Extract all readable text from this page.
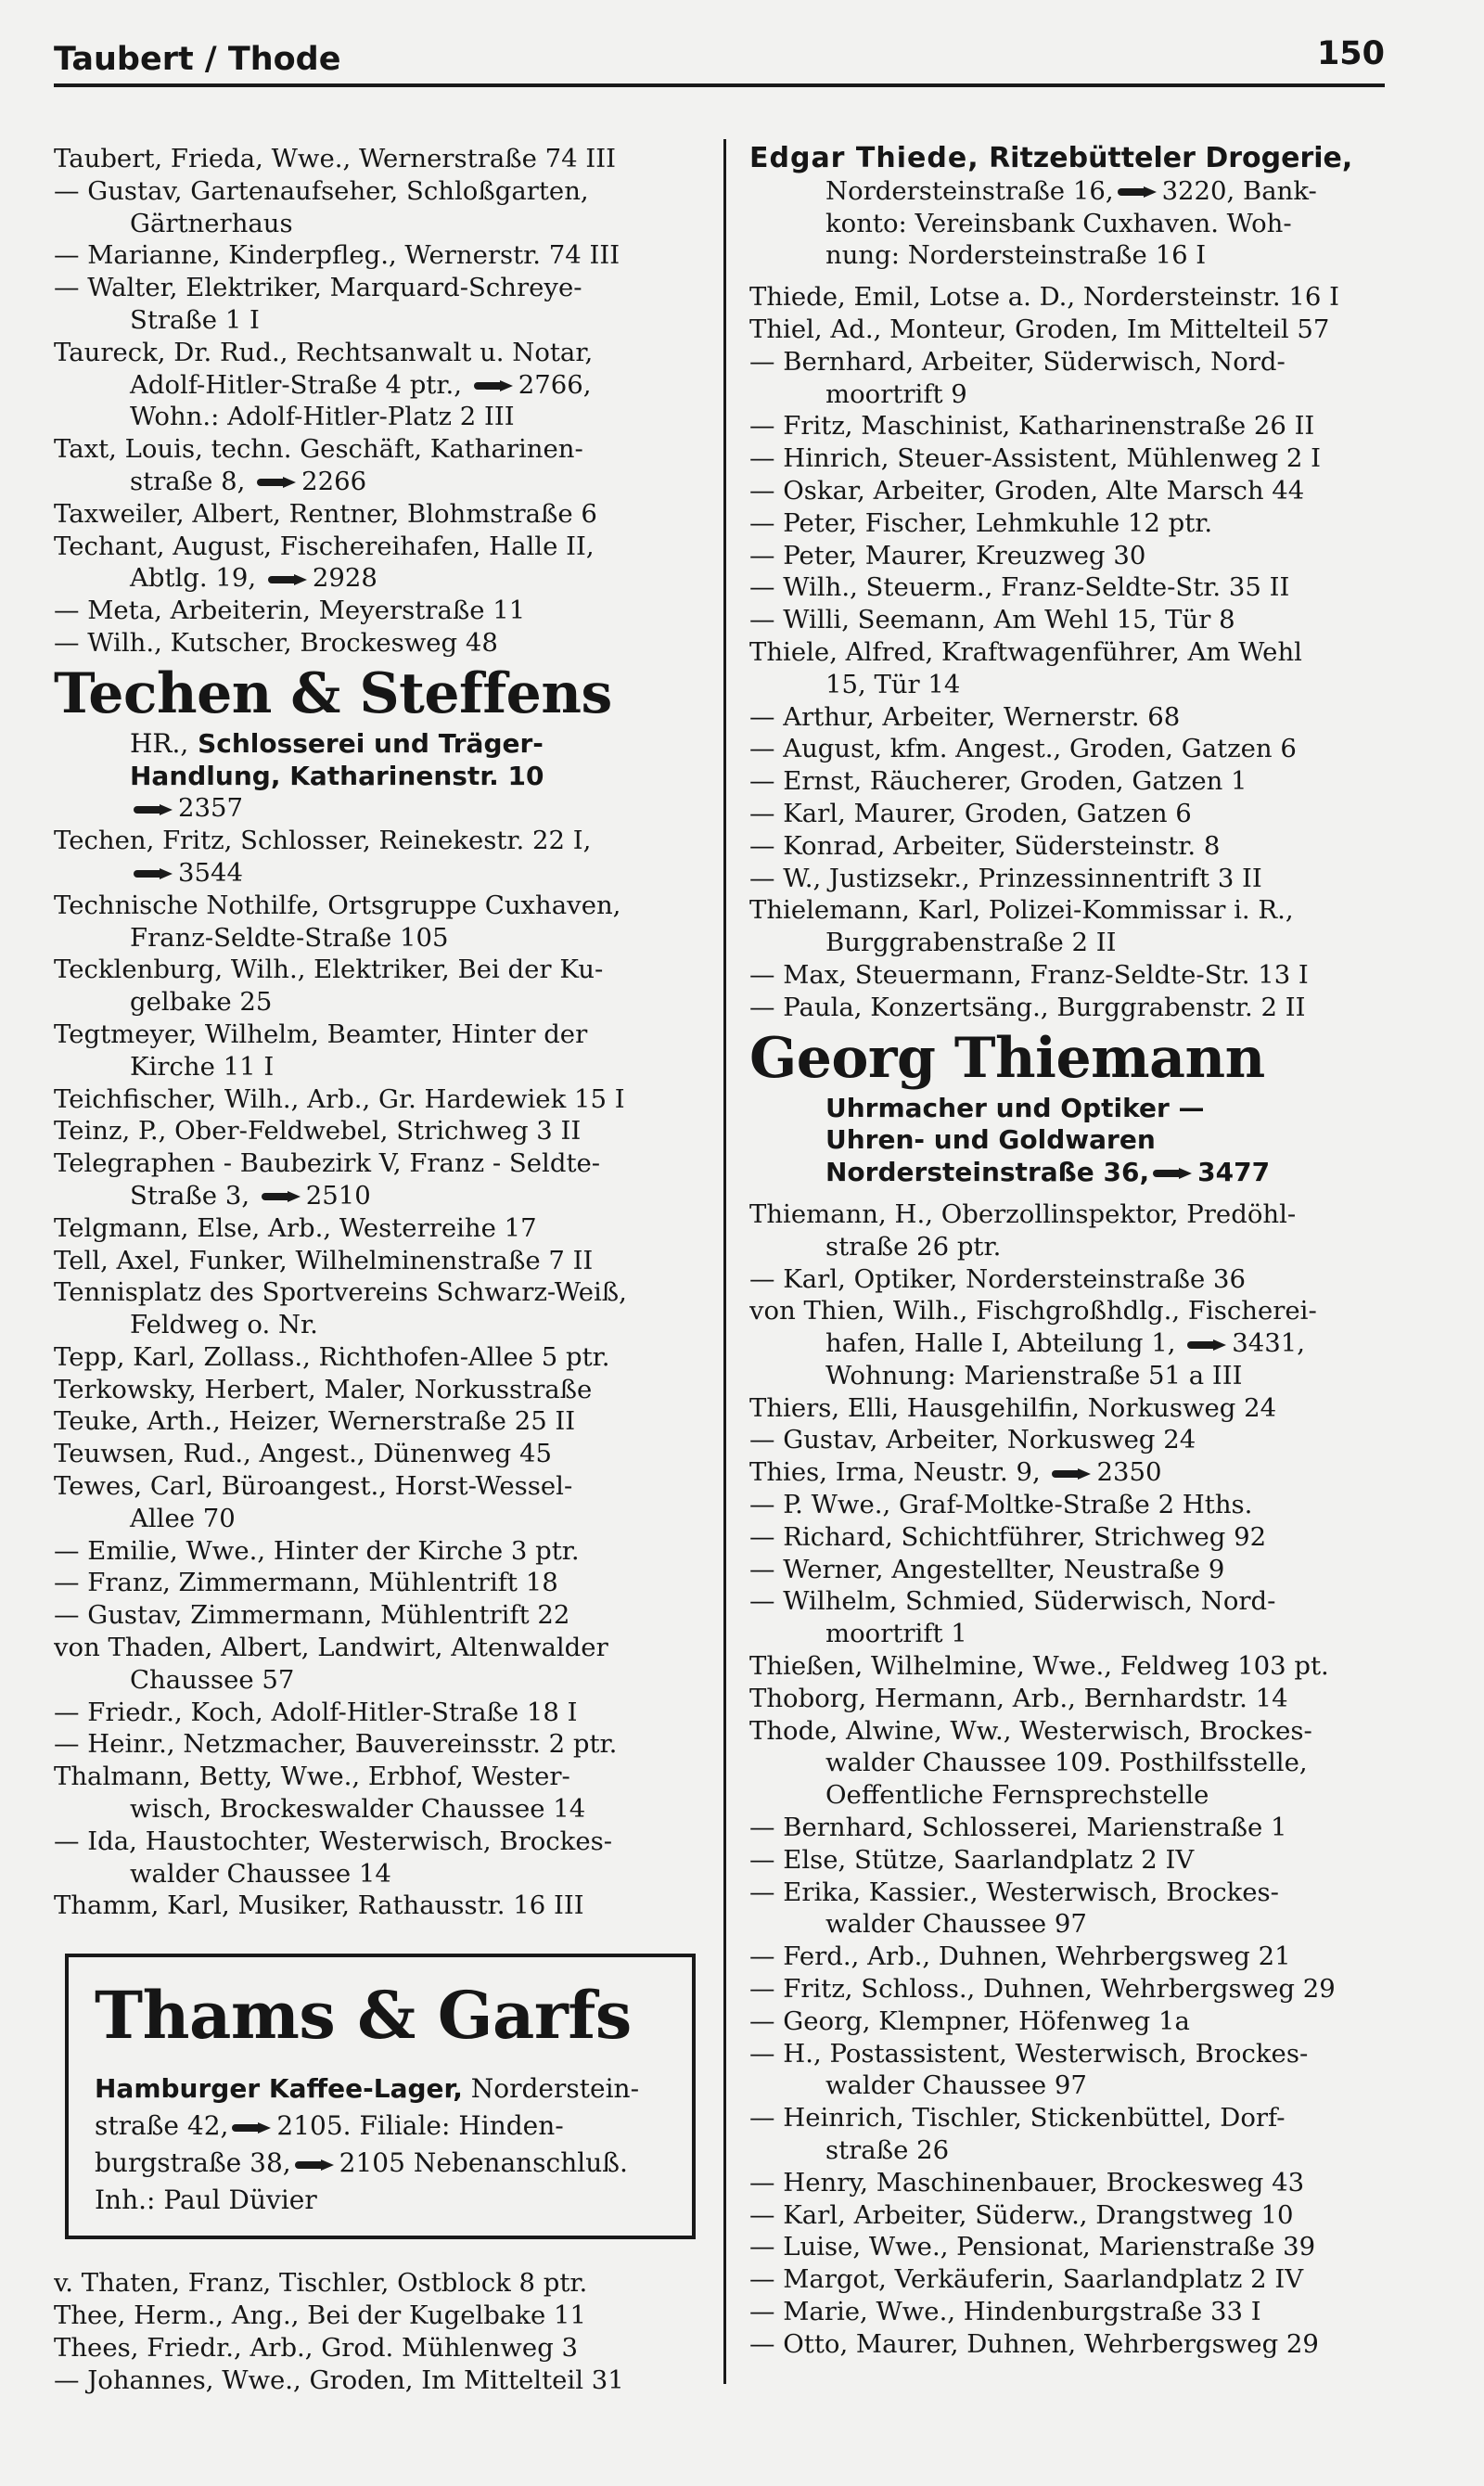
Taubert / Thode	150
Taubert, Frieda, Wwe., Wernerstraße 74 III
— Gustav, Gartenaufseher, Schloßgarten,
Gärtnerhaus
— Marianne, Kinderpfleg., Wernerstr. 74 III
— Walter, Elektriker, Marquard-Schreye-
Straße 1 I
Taureck, Dr. Rud., Rechtsanwalt u. Notar,
Adolf-Hitler-Straße 4 ptr., 2766,
Wohn.: Adolf-Hitler-Platz 2 III
Taxt, Louis, techn. Geschäft, Katharinen-
straße 8, 2266
Taxweiler, Albert, Rentner, Blohmstraße 6
Techant, August, Fischereihafen, Halle II,
Abtlg. 19, 2928
— Meta, Arbeiterin, Meyerstraße 11
— Wilh., Kutscher, Brockesweg 48
Techen & Steffens
HR., Schlosserei und Träger-
Handlung, Katharinenstr. 10
2357
Techen, Fritz, Schlosser, Reinekestr. 22 I,
3544
Technische Nothilfe, Ortsgruppe Cuxhaven,
Franz-Seldte-Straße 105
Tecklenburg, Wilh., Elektriker, Bei der Ku-
gelbake 25
Tegtmeyer, Wilhelm, Beamter, Hinter der
Kirche 11 I
Teichfischer, Wilh., Arb., Gr. Hardewiek 15 I
Teinz, P., Ober-Feldwebel, Strichweg 3 II
Telegraphen - Baubezirk V, Franz - Seldte-
Straße 3, 2510
Telgmann, Else, Arb., Westerreihe 17
Tell, Axel, Funker, Wilhelminenstraße 7 II
Tennisplatz des Sportvereins Schwarz-Weiß,
Feldweg o. Nr.
Tepp, Karl, Zollass., Richthofen-Allee 5 ptr.
Terkowsky, Herbert, Maler, Norkusstraße
Teuke, Arth., Heizer, Wernerstraße 25 II
Teuwsen, Rud., Angest., Dünenweg 45
Tewes, Carl, Büroangest., Horst-Wessel-
Allee 70
— Emilie, Wwe., Hinter der Kirche 3 ptr.
— Franz, Zimmermann, Mühlentrift 18
— Gustav, Zimmermann, Mühlentrift 22
von Thaden, Albert, Landwirt, Altenwalder
Chaussee 57
— Friedr., Koch, Adolf-Hitler-Straße 18 I
— Heinr., Netzmacher, Bauvereinsstr. 2 ptr.
Thalmann, Betty, Wwe., Erbhof, Wester-
wisch, Brockeswalder Chaussee 14
— Ida, Haustochter, Westerwisch, Brockes-
walder Chaussee 14
Thamm, Karl, Musiker, Rathausstr. 16 III
Thams & Garfs
Hamburger Kaffee-Lager, Norderstein-
straße 42, 2105. Filiale: Hinden-
burgstraße 38, 2105 Nebenanschluß.
Inh.: Paul Düvier
v. Thaten, Franz, Tischler, Ostblock 8 ptr.
Thee, Herm., Ang., Bei der Kugelbake 11
Thees, Friedr., Arb., Grod. Mühlenweg 3
— Johannes, Wwe., Groden, Im Mittelteil 31
Edgar Thiede, Ritzebütteler Drogerie,
Nordersteinstraße 16, 3220, Bank-
konto: Vereinsbank Cuxhaven. Woh-
nung: Nordersteinstraße 16 I
Thiede, Emil, Lotse a. D., Nordersteinstr. 16 I
Thiel, Ad., Monteur, Groden, Im Mittelteil 57
— Bernhard, Arbeiter, Süderwisch, Nord-
moortrift 9
— Fritz, Maschinist, Katharinenstraße 26 II
— Hinrich, Steuer-Assistent, Mühlenweg 2 I
— Oskar, Arbeiter, Groden, Alte Marsch 44
— Peter, Fischer, Lehmkuhle 12 ptr.
— Peter, Maurer, Kreuzweg 30
— Wilh., Steuerm., Franz-Seldte-Str. 35 II
— Willi, Seemann, Am Wehl 15, Tür 8
Thiele, Alfred, Kraftwagenführer, Am Wehl
15, Tür 14
— Arthur, Arbeiter, Wernerstr. 68
— August, kfm. Angest., Groden, Gatzen 6
— Ernst, Räucherer, Groden, Gatzen 1
— Karl, Maurer, Groden, Gatzen 6
— Konrad, Arbeiter, Südersteinstr. 8
— W., Justizsekr., Prinzessinnentrift 3 II
Thielemann, Karl, Polizei-Kommissar i. R.,
Burggrabenstraße 2 II
— Max, Steuermann, Franz-Seldte-Str. 13 I
— Paula, Konzertsäng., Burggrabenstr. 2 II
Georg Thiemann
Uhrmacher und Optiker —
Uhren- und Goldwaren
Nordersteinstraße 36, 3477
Thiemann, H., Oberzollinspektor, Predöhl-
straße 26 ptr.
— Karl, Optiker, Nordersteinstraße 36
von Thien, Wilh., Fischgroßhdlg., Fischerei-
hafen, Halle I, Abteilung 1, 3431,
Wohnung: Marienstraße 51 a III
Thiers, Elli, Hausgehilfin, Norkusweg 24
— Gustav, Arbeiter, Norkusweg 24
Thies, Irma, Neustr. 9, 2350
— P. Wwe., Graf-Moltke-Straße 2 Hths.
— Richard, Schichtführer, Strichweg 92
— Werner, Angestellter, Neustraße 9
— Wilhelm, Schmied, Süderwisch, Nord-
moortrift 1
Thießen, Wilhelmine, Wwe., Feldweg 103 pt.
Thoborg, Hermann, Arb., Bernhardstr. 14
Thode, Alwine, Ww., Westerwisch, Brockes-
walder Chaussee 109. Posthilfsstelle,
Oeffentliche Fernsprechstelle
— Bernhard, Schlosserei, Marienstraße 1
— Else, Stütze, Saarlandplatz 2 IV
— Erika, Kassier., Westerwisch, Brockes-
walder Chaussee 97
— Ferd., Arb., Duhnen, Wehrbergsweg 21
— Fritz, Schloss., Duhnen, Wehrbergsweg 29
— Georg, Klempner, Höfenweg 1a
— H., Postassistent, Westerwisch, Brockes-
walder Chaussee 97
— Heinrich, Tischler, Stickenbüttel, Dorf-
straße 26
— Henry, Maschinenbauer, Brockesweg 43
— Karl, Arbeiter, Süderw., Drangstweg 10
— Luise, Wwe., Pensionat, Marienstraße 39
— Margot, Verkäuferin, Saarlandplatz 2 IV
— Marie, Wwe., Hindenburgstraße 33 I
— Otto, Maurer, Duhnen, Wehrbergsweg 29
